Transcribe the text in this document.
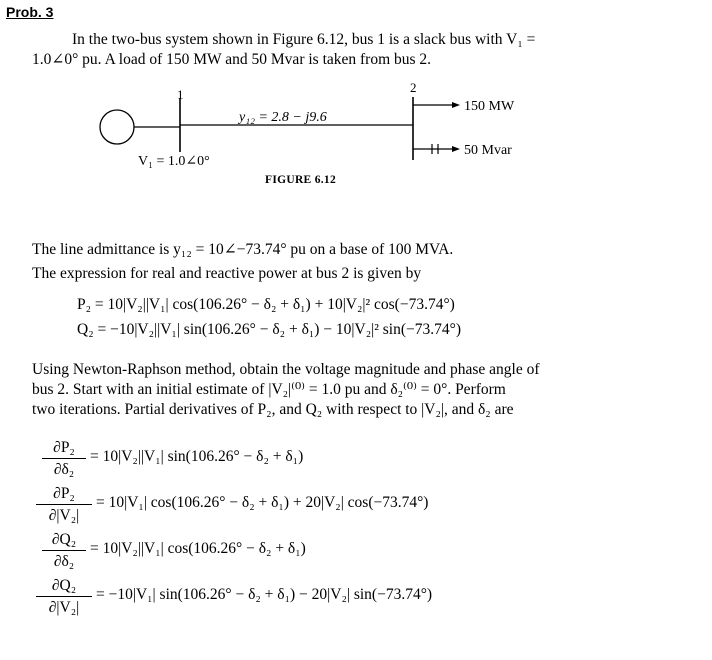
Prob. 3
In the two-bus system shown in Figure 6.12, bus 1 is a slack bus with V₁ =
1.0∠0° pu. A load of 150 MW and 50 Mvar is taken from bus 2.
1	2
y₁₂ = 2.8 − j9.6
V₁ = 1.0∠0°
150 MW
50 Mvar
FIGURE 6.12
The line admittance is y₁₂ = 10∠−73.74° pu on a base of 100 MVA.
The expression for real and reactive power at bus 2 is given by
P₂ = 10|V₂||V₁| cos(106.26° − δ₂ + δ₁) + 10|V₂|² cos(−73.74°)
Q₂ = −10|V₂||V₁| sin(106.26° − δ₂ + δ₁) − 10|V₂|² sin(−73.74°)
Using Newton-Raphson method, obtain the voltage magnitude and phase angle of
bus 2. Start with an initial estimate of |V₂|⁽⁰⁾ = 1.0 pu and δ₂⁽⁰⁾ = 0°. Perform
two iterations. Partial derivatives of P₂, and Q₂ with respect to |V₂|, and δ₂ are
∂P₂
∂δ₂
= 10|V₂||V₁| sin(106.26° − δ₂ + δ₁)
∂P₂
∂|V₂|
= 10|V₁| cos(106.26° − δ₂ + δ₁) + 20|V₂| cos(−73.74°)
∂Q₂
∂δ₂
= 10|V₂||V₁| cos(106.26° − δ₂ + δ₁)
∂Q₂
∂|V₂|
= −10|V₁| sin(106.26° − δ₂ + δ₁) − 20|V₂| sin(−73.74°)
